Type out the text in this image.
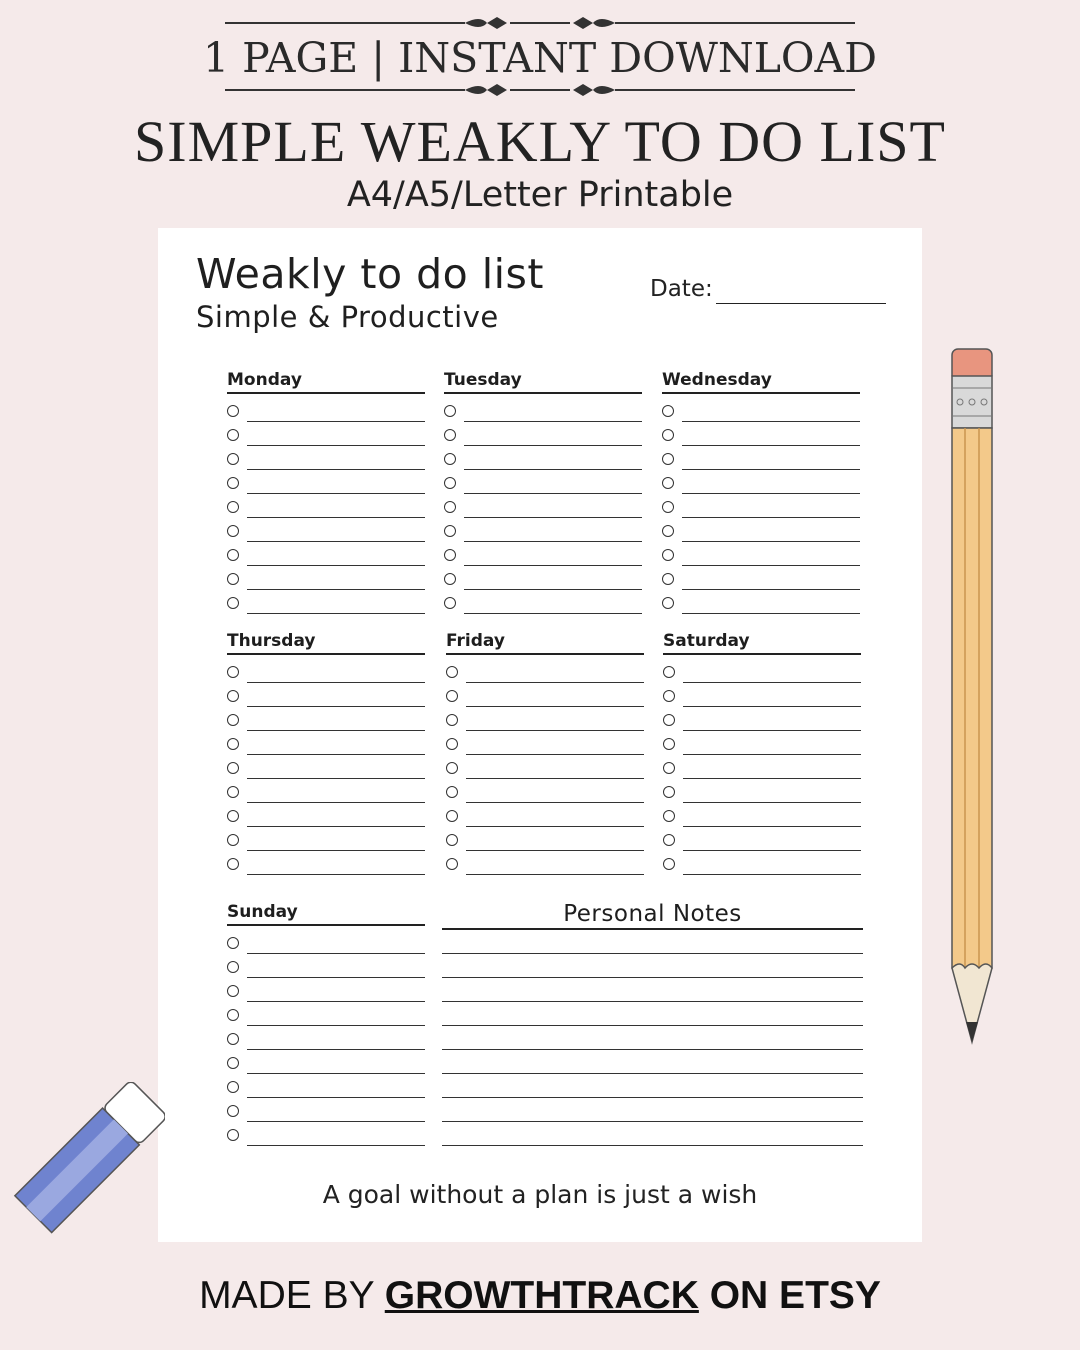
1 PAGE | INSTANT DOWNLOAD
SIMPLE WEAKLY TO DO LIST
A4/A5/Letter Printable
Weakly to do list
Simple & Productive
Date:
Monday	Tuesday	Wednesday
Thursday	Friday	Saturday
Sunday	Personal Notes
A goal without a plan is just a wish
MADE BY GROWTHTRACK ON ETSY
